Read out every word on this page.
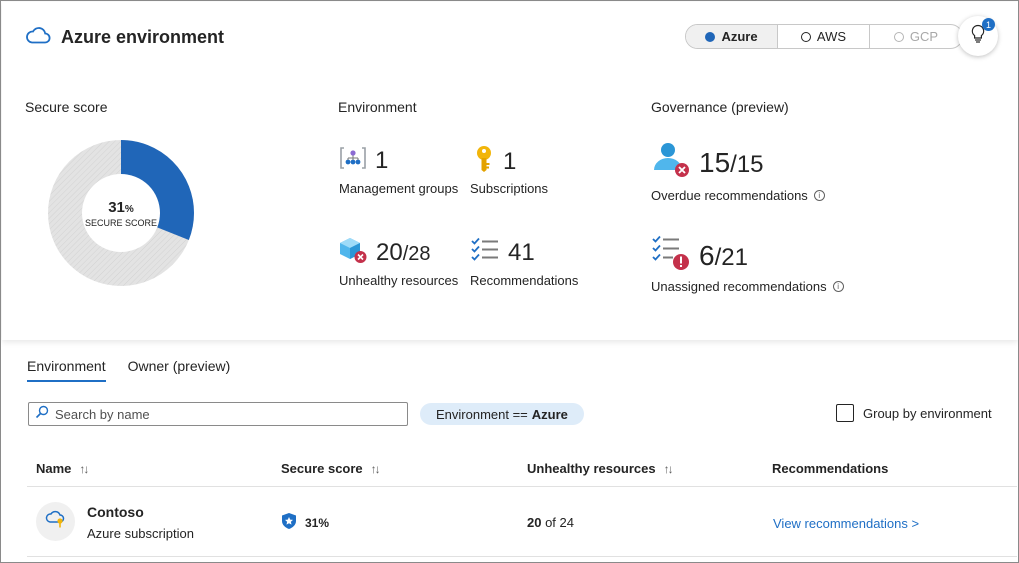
Azure environment	Azure	AWS	GCP
1
Secure score
31%
SECURE SCORE
Environment
1
Management groups
1
Subscriptions
20/28
Unhealthy resources
41
Recommendations
Governance (preview)
15/15
Overdue recommendations	i
6/21
Unassigned recommendations	i
Environment Owner (preview)
Search by name
Environment == Azure	Group by environment
Name ↑↓	Secure score ↑↓	Unhealthy resources ↑↓	Recommendations
Contoso
Azure subscription
31%	20 of 24	View recommendations >
